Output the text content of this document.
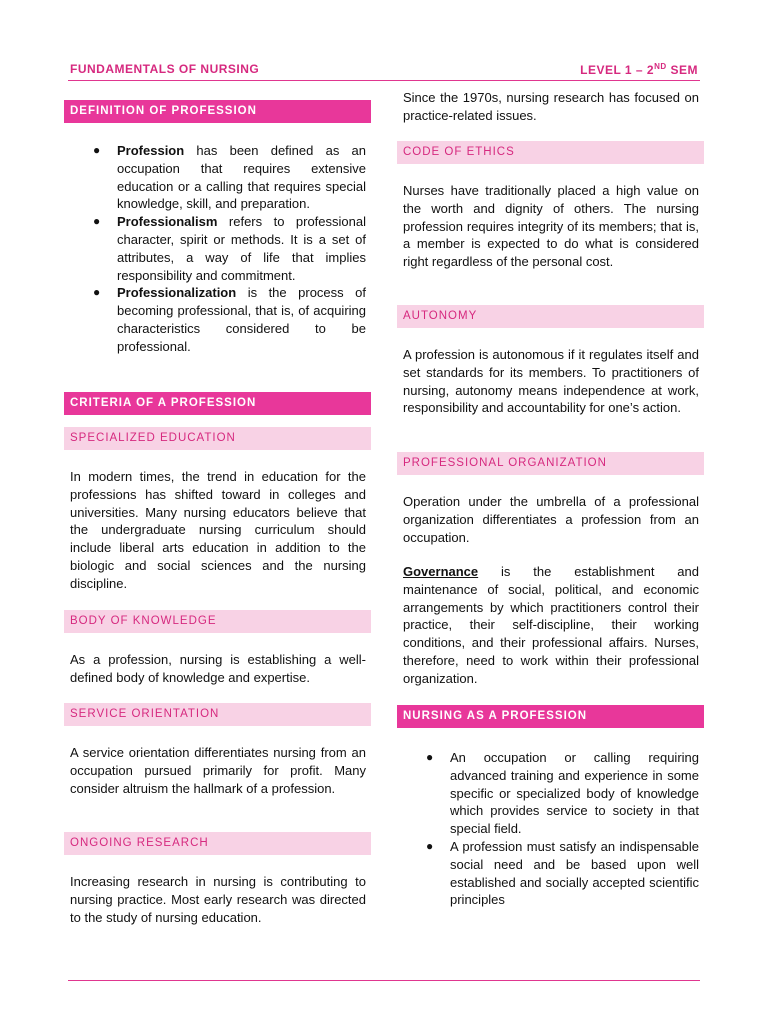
FUNDAMENTALS OF NURSING	LEVEL 1 – 2ND SEM
DEFINITION OF PROFESSION
● Profession has been defined as an occupation that requires extensive education or a calling that requires special knowledge, skill, and preparation.
● Professionalism refers to professional character, spirit or methods. It is a set of attributes, a way of life that implies responsibility and commitment.
● Professionalization is the process of becoming professional, that is, of acquiring characteristics considered to be professional.
CRITERIA OF A PROFESSION
SPECIALIZED EDUCATION
In modern times, the trend in education for the professions has shifted toward in colleges and universities. Many nursing educators believe that the undergraduate nursing curriculum should include liberal arts education in addition to the biologic and social sciences and the nursing discipline.
BODY OF KNOWLEDGE
As a profession, nursing is establishing a well-defined body of knowledge and expertise.
SERVICE ORIENTATION
A service orientation differentiates nursing from an occupation pursued primarily for profit. Many consider altruism the hallmark of a profession.
ONGOING RESEARCH
Increasing research in nursing is contributing to nursing practice. Most early research was directed to the study of nursing education.
Since the 1970s, nursing research has focused on practice-related issues.
CODE OF ETHICS
Nurses have traditionally placed a high value on the worth and dignity of others. The nursing profession requires integrity of its members; that is, a member is expected to do what is considered right regardless of the personal cost.
AUTONOMY
A profession is autonomous if it regulates itself and set standards for its members. To practitioners of nursing, autonomy means independence at work, responsibility and accountability for one’s action.
PROFESSIONAL ORGANIZATION
Operation under the umbrella of a professional organization differentiates a profession from an occupation.
Governance is the establishment and maintenance of social, political, and economic arrangements by which practitioners control their practice, their self-discipline, their working conditions, and their professional affairs. Nurses, therefore, need to work within their professional organization.
NURSING AS A PROFESSION
● An occupation or calling requiring advanced training and experience in some specific or specialized body of knowledge which provides service to society in that special field.
● A profession must satisfy an indispensable social need and be based upon well established and socially accepted scientific principles
